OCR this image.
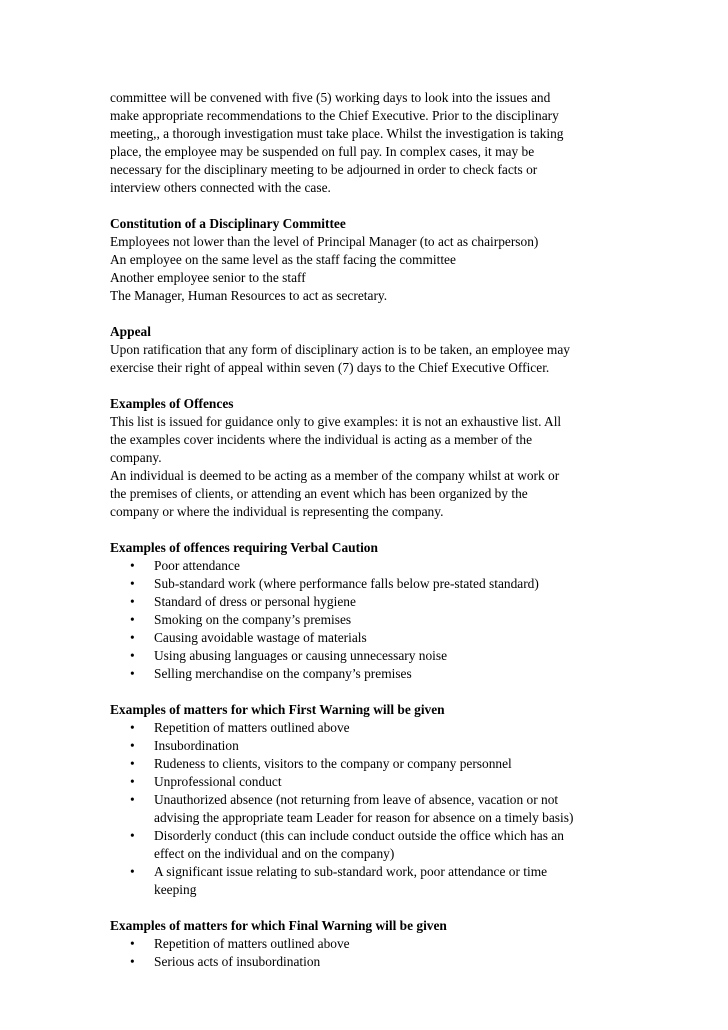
committee will be convened with five (5) working days to look into the issues and
make appropriate recommendations to the Chief Executive. Prior to the disciplinary
meeting,, a thorough investigation must take place. Whilst the investigation is taking
place, the employee may be suspended on full pay. In complex cases, it may be
necessary for the disciplinary meeting to be adjourned in order to check facts or
interview others connected with the case.

Constitution of a Disciplinary Committee

Employees not lower than the level of Principal Manager (to act as chairperson)
An employee on the same level as the staff facing the committee
Another employee senior to the staff
The Manager, Human Resources to act as secretary.

Appeal

Upon ratification that any form of disciplinary action is to be taken, an employee may
exercise their right of appeal within seven (7) days to the Chief Executive Officer.

Examples of Offences

This list is issued for guidance only to give examples: it is not an exhaustive list. All
the examples cover incidents where the individual is acting as a member of the
company.
An individual is deemed to be acting as a member of the company whilst at work or
the premises of clients, or attending an event which has been organized by the
company or where the individual is representing the company.

Examples of offences requiring Verbal Caution

• Poor attendance
• Sub-standard work (where performance falls below pre-stated standard)
• Standard of dress or personal hygiene
• Smoking on the company’s premises
• Causing avoidable wastage of materials
• Using abusing languages or causing unnecessary noise
• Selling merchandise on the company’s premises

Examples of matters for which First Warning will be given

• Repetition of matters outlined above
• Insubordination
• Rudeness to clients, visitors to the company or company personnel
• Unprofessional conduct
• Unauthorized absence (not returning from leave of absence, vacation or not
advising the appropriate team Leader for reason for absence on a timely basis)
• Disorderly conduct (this can include conduct outside the office which has an
effect on the individual and on the company)
• A significant issue relating to sub-standard work, poor attendance or time
keeping

Examples of matters for which Final Warning will be given

• Repetition of matters outlined above
• Serious acts of insubordination
